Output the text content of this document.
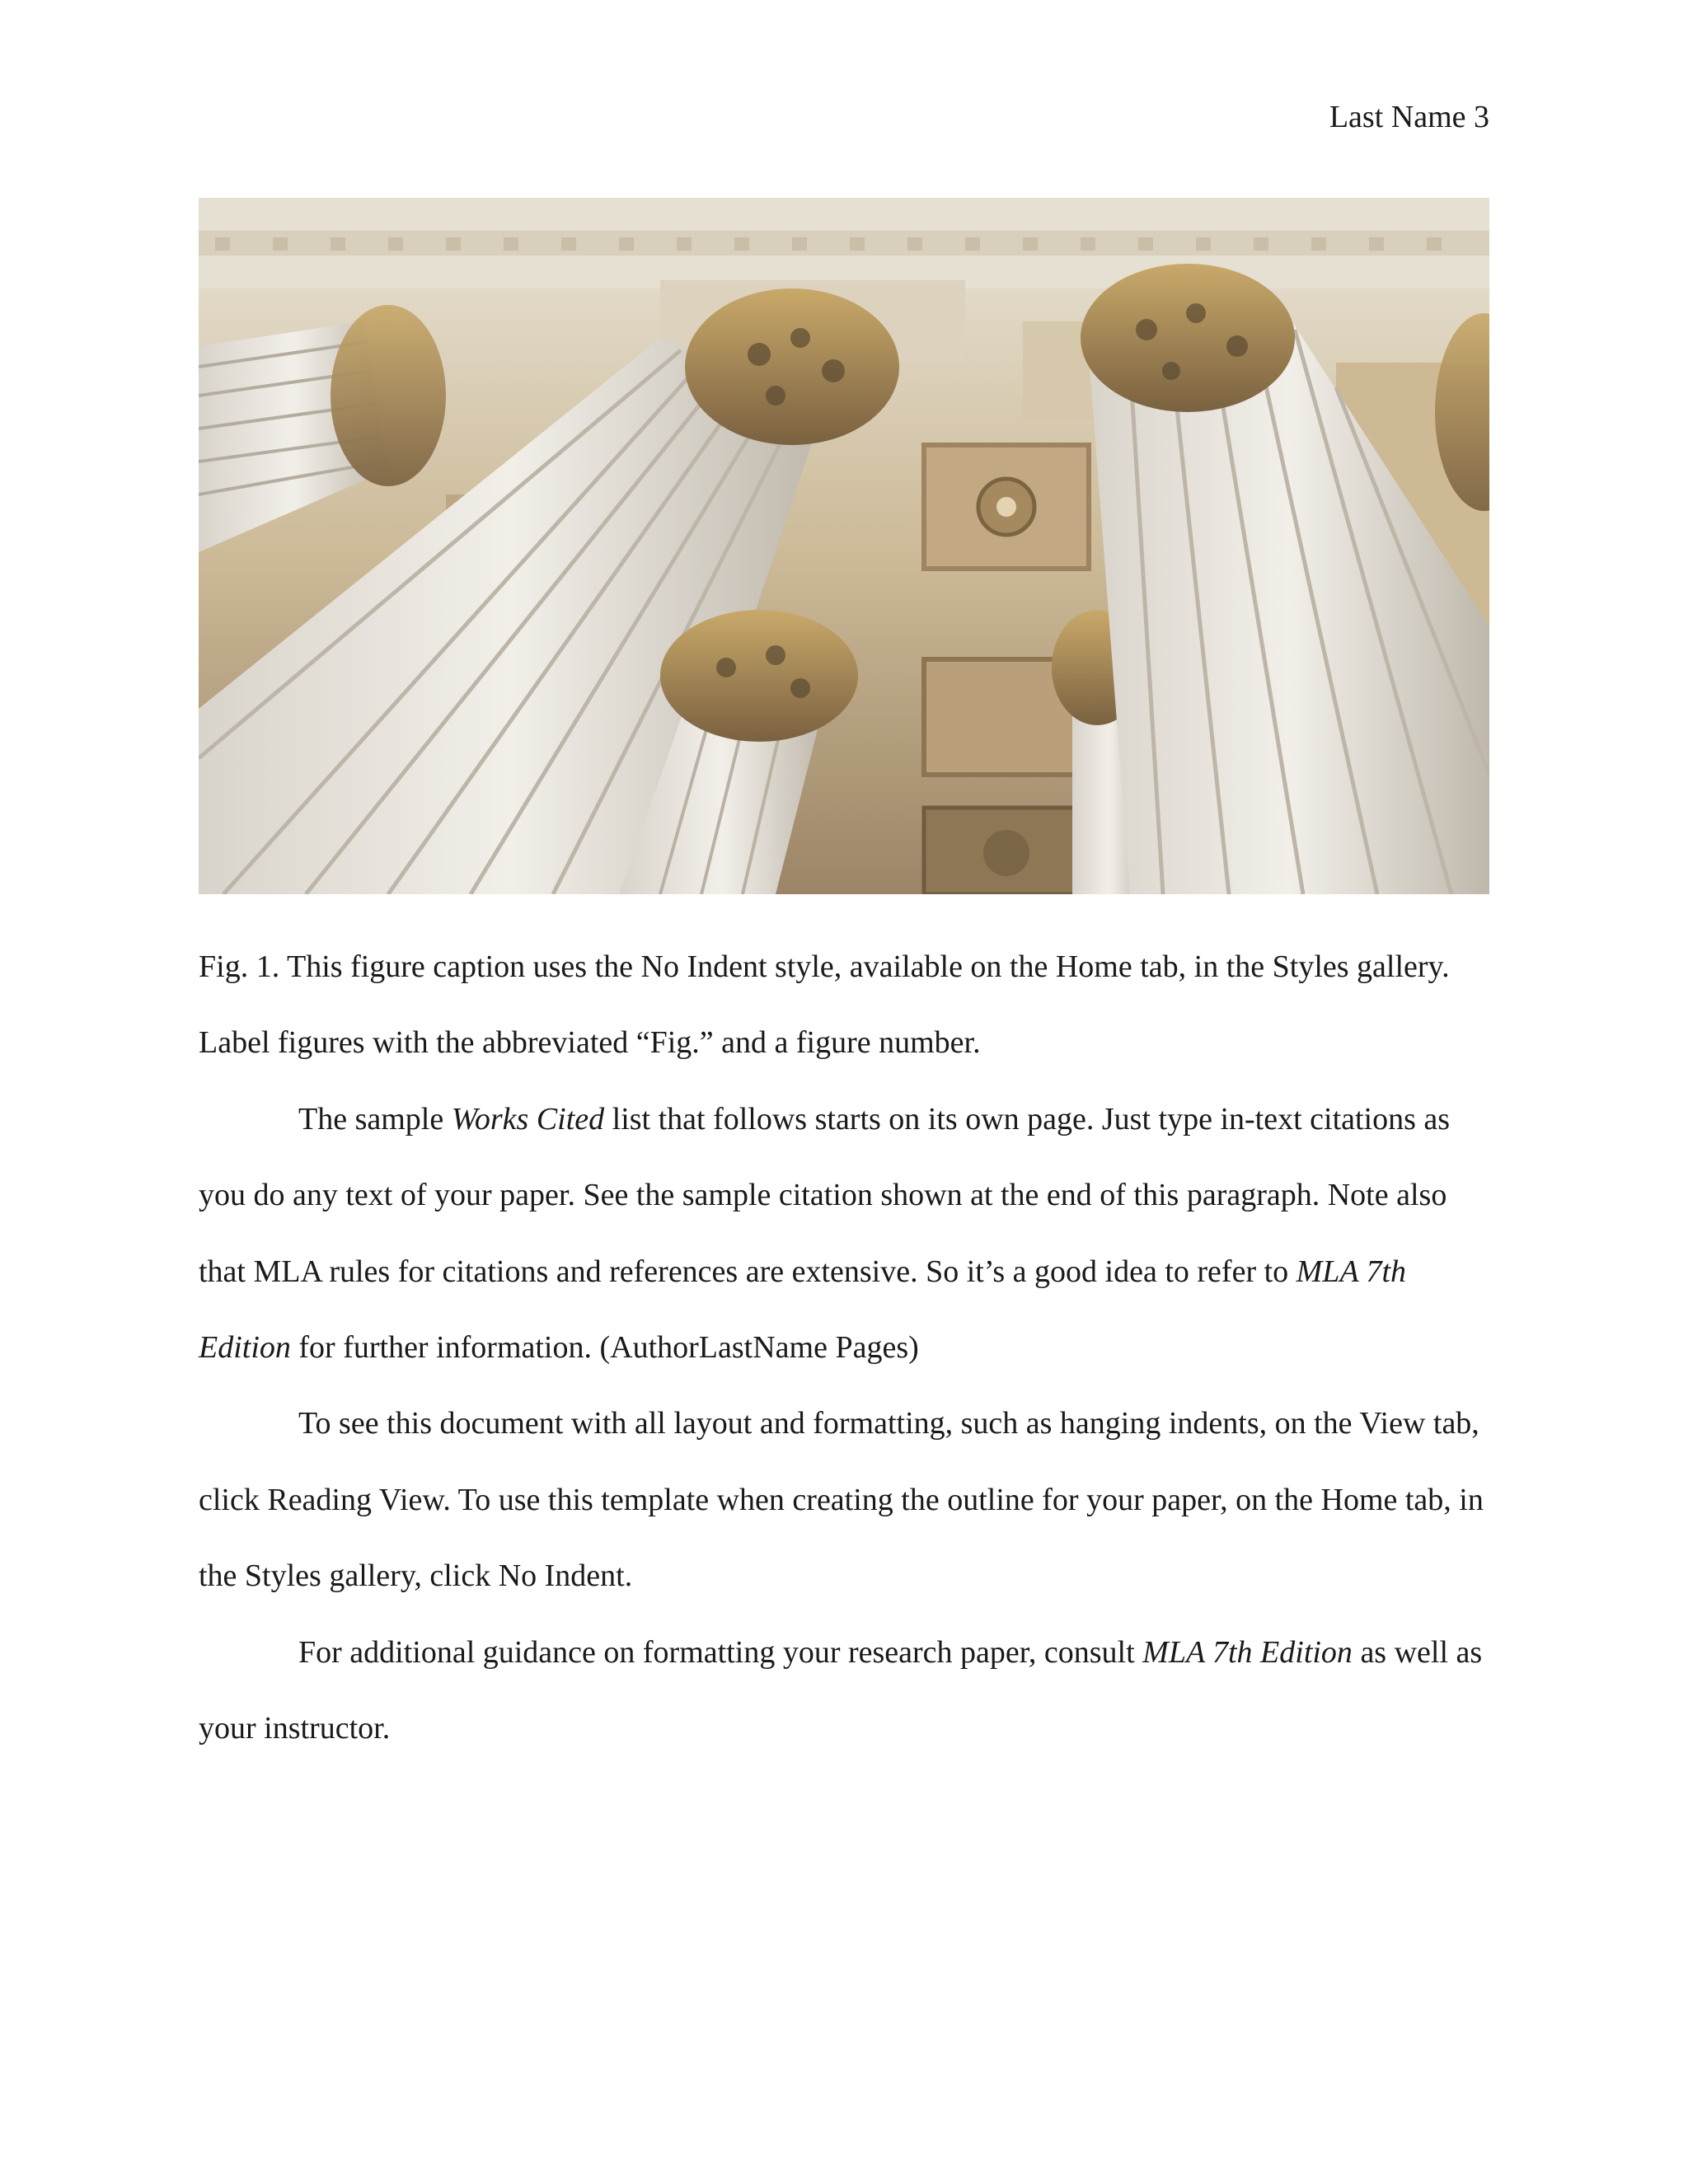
Last Name 3

Fig. 1. This figure caption uses the No Indent style, available on the Home tab, in the Styles gallery. Label figures with the abbreviated “Fig.” and a figure number.

The sample Works Cited list that follows starts on its own page. Just type in-text citations as you do any text of your paper. See the sample citation shown at the end of this paragraph. Note also that MLA rules for citations and references are extensive. So it’s a good idea to refer to MLA 7th Edition for further information. (AuthorLastName Pages)

To see this document with all layout and formatting, such as hanging indents, on the View tab, click Reading View. To use this template when creating the outline for your paper, on the Home tab, in the Styles gallery, click No Indent.

For additional guidance on formatting your research paper, consult MLA 7th Edition as well as your instructor.
